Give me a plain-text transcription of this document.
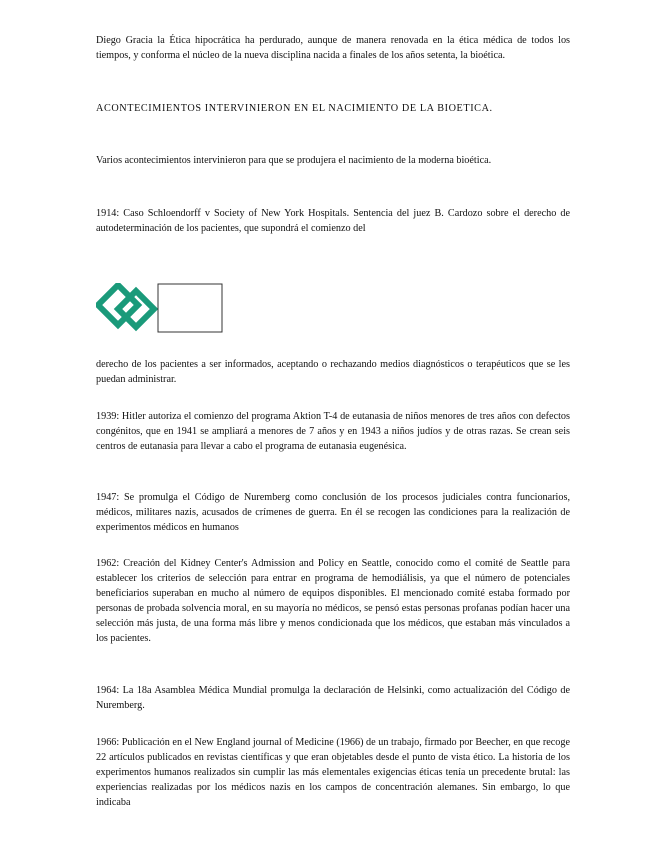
Diego Gracia la Ética hipocrática ha perdurado, aunque de manera renovada en la ética médica de todos los tiempos, y conforma el núcleo de la nueva disciplina nacida a finales de los años setenta, la bioética.

ACONTECIMIENTOS INTERVINIERON EN EL NACIMIENTO DE LA BIOETICA.

Varios acontecimientos intervinieron para que se produjera el nacimiento de la moderna bioética.

1914: Caso Schloendorff v Society of New York Hospitals. Sentencia del juez B. Cardozo sobre el derecho de autodeterminación de los pacientes, que supondrá el comienzo del

derecho de los pacientes a ser informados, aceptando o rechazando medios diagnósticos o terapéuticos que se les puedan administrar.

1939: Hitler autoriza el comienzo del programa Aktion T-4 de eutanasia de niños menores de tres años con defectos congénitos, que en 1941 se ampliará a menores de 7 años y en 1943 a niños judíos y de otras razas. Se crean seis centros de eutanasia para llevar a cabo el programa de eutanasia eugenésica.

1947: Se promulga el Código de Nuremberg como conclusión de los procesos judiciales contra funcionarios, médicos, militares nazis, acusados de crímenes de guerra. En él se recogen las condiciones para la realización de experimentos médicos en humanos

1962: Creación del Kidney Center's Admission and Policy en Seattle, conocido como el comité de Seattle para establecer los criterios de selección para entrar en programa de hemodiálisis, ya que el número de potenciales beneficiarios superaban en mucho al número de equipos disponibles. El mencionado comité estaba formado por personas de probada solvencia moral, en su mayoría no médicos, se pensó estas personas profanas podían hacer una selección más justa, de una forma más libre y menos condicionada que los médicos, que estaban más vinculados a los pacientes.

1964: La 18a Asamblea Médica Mundial promulga la declaración de Helsinki, como actualización del Código de Nuremberg.

1966: Publicación en el New England journal of Medicine (1966) de un trabajo, firmado por Beecher, en que recoge 22 artículos publicados en revistas científicas y que eran objetables desde el punto de vista ético. La historia de los experimentos humanos realizados sin cumplir las más elementales exigencias éticas tenía un precedente brutal: las experiencias realizadas por los médicos nazis en los campos de concentración alemanes. Sin embargo, lo que indicaba
